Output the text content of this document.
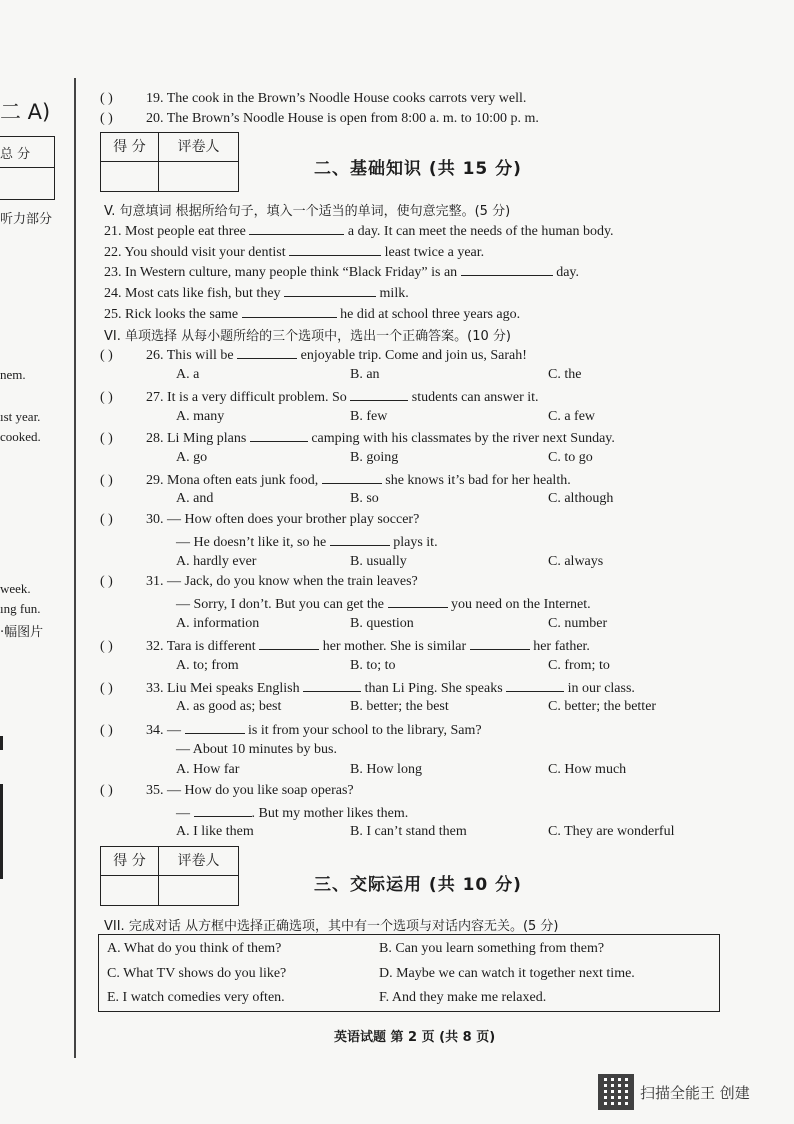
二 A)
总 分
听力部分
nem.
ıst year.
cooked.
week.
ıng fun.
·幅图片
( ) 19. The cook in the Brown’s Noodle House cooks carrots very well.
( ) 20. The Brown’s Noodle House is open from 8:00 a. m. to 10:00 p. m.
得 分	评卷人
二、基础知识 (共 15 分)
V. 句意填词 根据所给句子，填入一个适当的单词，使句意完整。(5 分)
21. Most people eat three	a day. It can meet the needs of the human body.
22. You should visit your dentist	least twice a year.
23. In Western culture, many people think “Black Friday” is an	day.
24. Most cats like fish, but they	milk.
25. Rick looks the same	he did at school three years ago.
VI. 单项选择 从每小题所给的三个选项中，选出一个正确答案。(10 分)
( ) 26. This will be	enjoyable trip. Come and join us, Sarah!
A. a	B. an	C. the
( ) 27. It is a very difficult problem. So	students can answer it.
A. many	B. few	C. a few
( ) 28. Li Ming plans	camping with his classmates by the river next Sunday.
A. go	B. going	C. to go
( ) 29. Mona often eats junk food,	she knows it’s bad for her health.
A. and	B. so	C. although
( ) 30. — How often does your brother play soccer?
— He doesn’t like it, so he	plays it.
A. hardly ever	B. usually	C. always
( ) 31. — Jack, do you know when the train leaves?
— Sorry, I don’t. But you can get the	you need on the Internet.
A. information	B. question	C. number
( ) 32. Tara is different	her mother. She is similar	her father.
A. to; from	B. to; to	C. from; to
( ) 33. Liu Mei speaks English	than Li Ping. She speaks	in our class.
A. as good as; best	B. better; the best	C. better; the better
( ) 34. —	is it from your school to the library, Sam?
— About 10 minutes by bus.
A. How far	B. How long	C. How much
( ) 35. — How do you like soap operas?
—	. But my mother likes them.
A. I like them	B. I can’t stand them	C. They are wonderful
得 分	评卷人
三、交际运用 (共 10 分)
VII. 完成对话 从方框中选择正确选项，其中有一个选项与对话内容无关。(5 分)
A. What do you think of them?	B. Can you learn something from them?
C. What TV shows do you like?	D. Maybe we can watch it together next time.
E. I watch comedies very often.	F. And they make me relaxed.
英语试题 第 2 页 (共 8 页)
扫描全能王 创建
